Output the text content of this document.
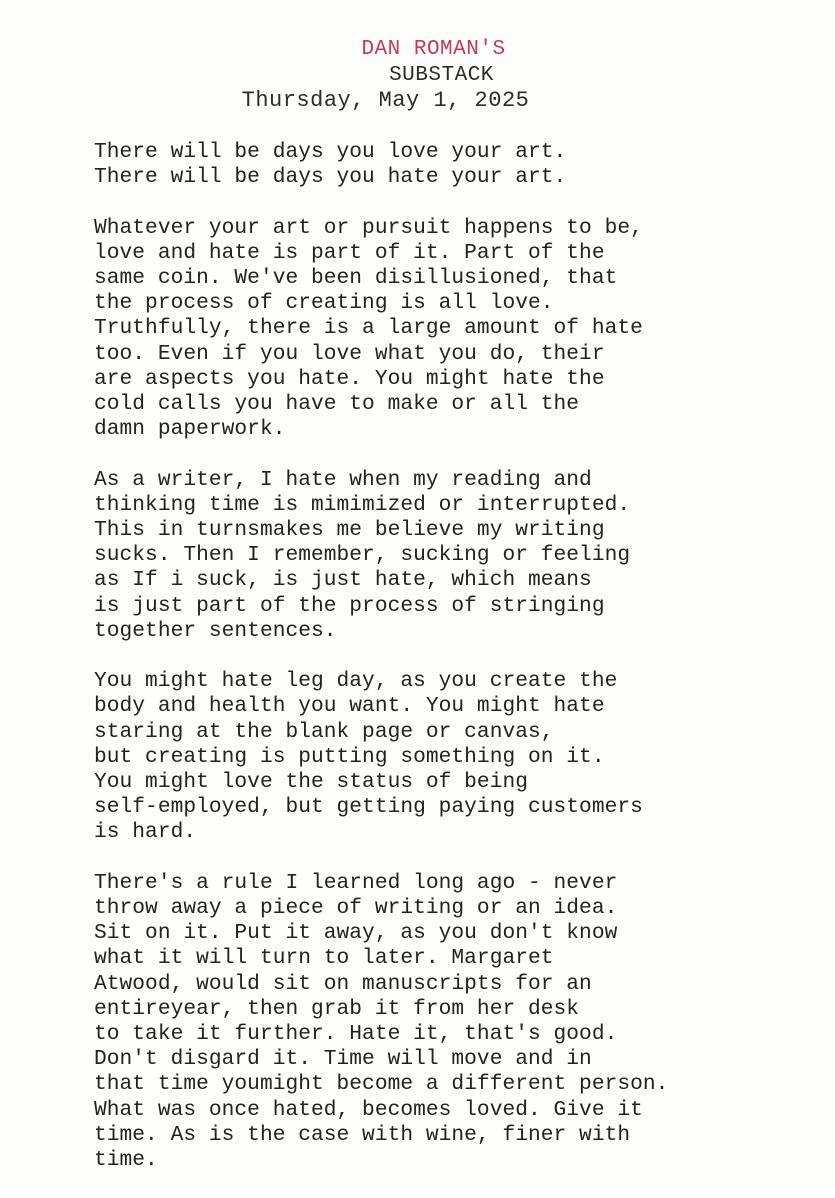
DAN ROMAN'S
SUBSTACK
Thursday, May 1, 2025
There will be days you love your art.
There will be days you hate your art.
Whatever your art or pursuit happens to be,
love and hate is part of it. Part of the
same coin. We've been disillusioned, that
the process of creating is all love.
Truthfully, there is a large amount of hate
too. Even if you love what you do, their
are aspects you hate. You might hate the
cold calls you have to make or all the
damn paperwork.
As a writer, I hate when my reading and
thinking time is mimimized or interrupted.
This in turnsmakes me believe my writing
sucks. Then I remember, sucking or feeling
as If i suck, is just hate, which means
is just part of the process of stringing
together sentences.
You might hate leg day, as you create the
body and health you want. You might hate
staring at the blank page or canvas,
but creating is putting something on it.
You might love the status of being
self-employed, but getting paying customers
is hard.
There's a rule I learned long ago - never
throw away a piece of writing or an idea.
Sit on it. Put it away, as you don't know
what it will turn to later. Margaret
Atwood, would sit on manuscripts for an
entireyear, then grab it from her desk
to take it further. Hate it, that's good.
Don't disgard it. Time will move and in
that time youmight become a different person.
What was once hated, becomes loved. Give it
time. As is the case with wine, finer with
time.
